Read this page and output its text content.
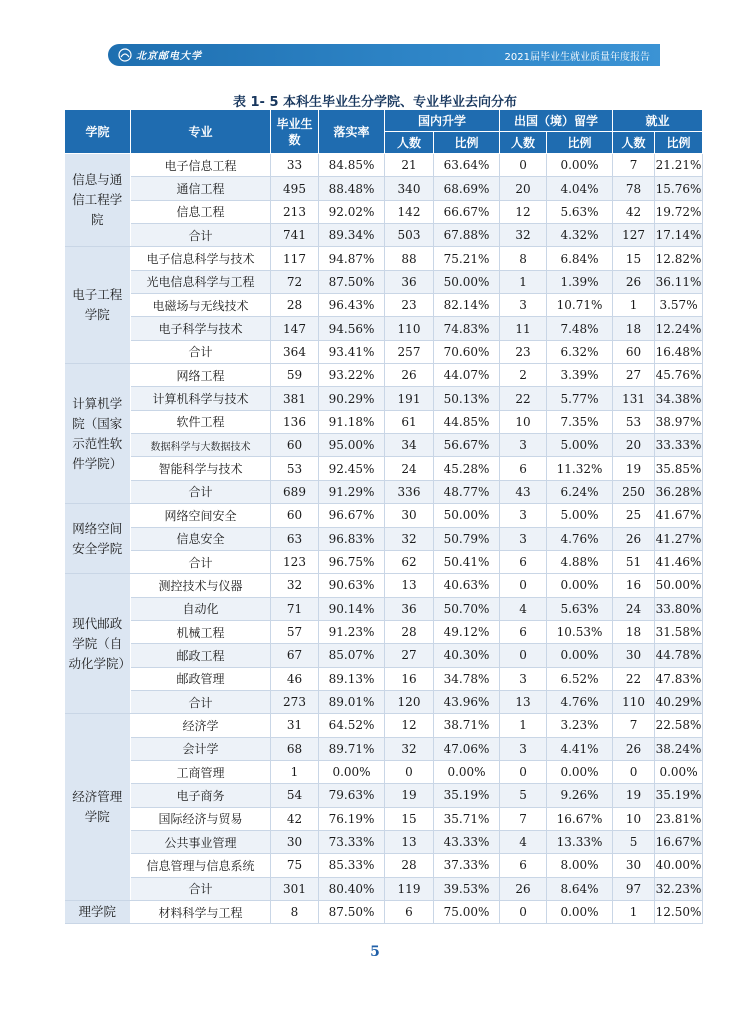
北京邮电大学	2021届毕业生就业质量年度报告
表 1- 5 本科生毕业生分学院、专业毕业去向分布
学院	专业	毕业生数	落实率	国内升学		出国（境）留学		就业	
				人数	比例	人数	比例	人数	比例
信息与通信工程学院	电子信息工程	33	84.85%	21	63.64%	0	0.00%	7	21.21%
	通信工程	495	88.48%	340	68.69%	20	4.04%	78	15.76%
	信息工程	213	92.02%	142	66.67%	12	5.63%	42	19.72%
	合计	741	89.34%	503	67.88%	32	4.32%	127	17.14%
电子工程学院	电子信息科学与技术	117	94.87%	88	75.21%	8	6.84%	15	12.82%
	光电信息科学与工程	72	87.50%	36	50.00%	1	1.39%	26	36.11%
	电磁场与无线技术	28	96.43%	23	82.14%	3	10.71%	1	3.57%
	电子科学与技术	147	94.56%	110	74.83%	11	7.48%	18	12.24%
	合计	364	93.41%	257	70.60%	23	6.32%	60	16.48%
计算机学院（国家示范性软件学院）	网络工程	59	93.22%	26	44.07%	2	3.39%	27	45.76%
	计算机科学与技术	381	90.29%	191	50.13%	22	5.77%	131	34.38%
	软件工程	136	91.18%	61	44.85%	10	7.35%	53	38.97%
	数据科学与大数据技术	60	95.00%	34	56.67%	3	5.00%	20	33.33%
	智能科学与技术	53	92.45%	24	45.28%	6	11.32%	19	35.85%
	合计	689	91.29%	336	48.77%	43	6.24%	250	36.28%
网络空间安全学院	网络空间安全	60	96.67%	30	50.00%	3	5.00%	25	41.67%
	信息安全	63	96.83%	32	50.79%	3	4.76%	26	41.27%
	合计	123	96.75%	62	50.41%	6	4.88%	51	41.46%
现代邮政学院（自动化学院）	测控技术与仪器	32	90.63%	13	40.63%	0	0.00%	16	50.00%
	自动化	71	90.14%	36	50.70%	4	5.63%	24	33.80%
	机械工程	57	91.23%	28	49.12%	6	10.53%	18	31.58%
	邮政工程	67	85.07%	27	40.30%	0	0.00%	30	44.78%
	邮政管理	46	89.13%	16	34.78%	3	6.52%	22	47.83%
	合计	273	89.01%	120	43.96%	13	4.76%	110	40.29%
经济管理学院	经济学	31	64.52%	12	38.71%	1	3.23%	7	22.58%
	会计学	68	89.71%	32	47.06%	3	4.41%	26	38.24%
	工商管理	1	0.00%	0	0.00%	0	0.00%	0	0.00%
	电子商务	54	79.63%	19	35.19%	5	9.26%	19	35.19%
	国际经济与贸易	42	76.19%	15	35.71%	7	16.67%	10	23.81%
	公共事业管理	30	73.33%	13	43.33%	4	13.33%	5	16.67%
	信息管理与信息系统	75	85.33%	28	37.33%	6	8.00%	30	40.00%
	合计	301	80.40%	119	39.53%	26	8.64%	97	32.23%
理学院	材料科学与工程	8	87.50%	6	75.00%	0	0.00%	1	12.50%
5
